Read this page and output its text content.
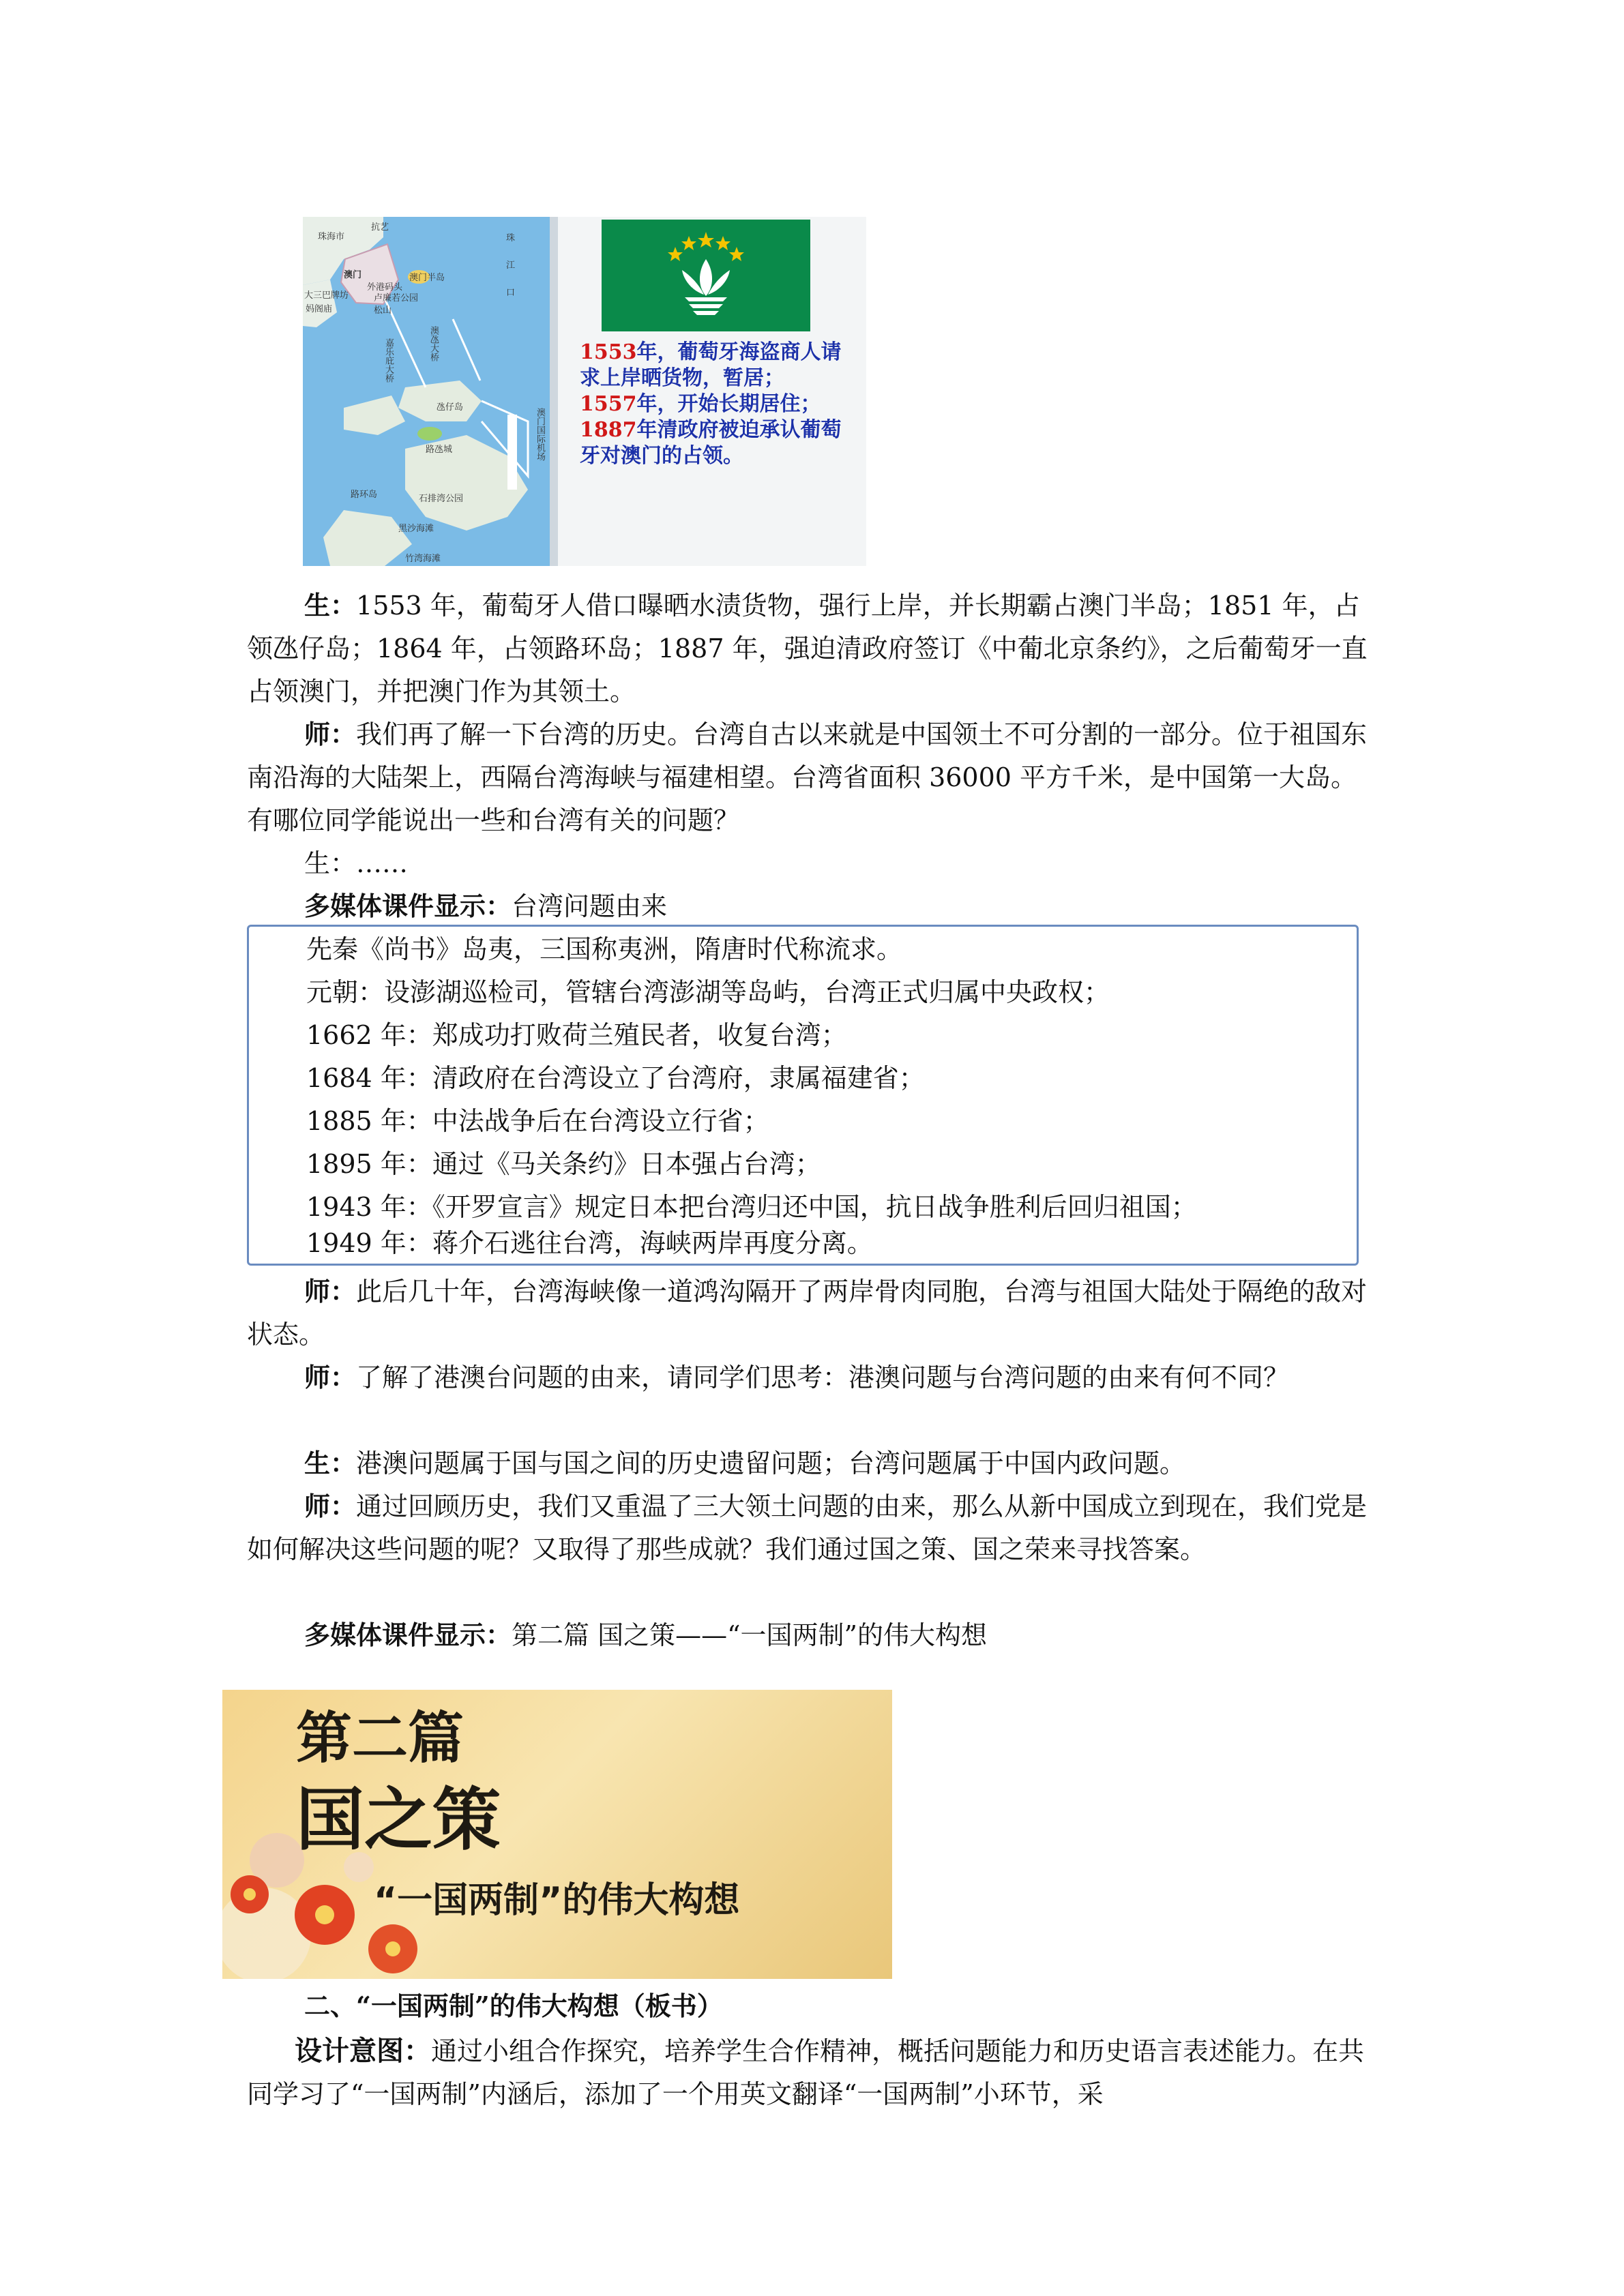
珠海市
抗艺
澳门	澳门半岛
珠
江
口
外港码头
大三巴牌坊	卢廉若公园
妈阁庙	松山
澳氹大桥
嘉乐庇大桥
氹仔岛
路氹城	澳门国际机场
路环岛	石排湾公园
黑沙海滩
竹湾海滩
1553年，葡萄牙海盗商人请求上岸晒货物，暂居；
1557年，开始长期居住；
1887年清政府被迫承认葡萄牙对澳门的占领。

生：1553 年，葡萄牙人借口曝晒水渍货物，强行上岸，并长期霸占澳门半岛；1851 年，占领氹仔岛；1864 年，占领路环岛；1887 年，强迫清政府签订《中葡北京条约》，之后葡萄牙一直占领澳门，并把澳门作为其领土。

师：我们再了解一下台湾的历史。台湾自古以来就是中国领土不可分割的一部分。位于祖国东南沿海的大陆架上，西隔台湾海峡与福建相望。台湾省面积 36000 平方千米，是中国第一大岛。有哪位同学能说出一些和台湾有关的问题？

生：……

多媒体课件显示：台湾问题由来

先秦《尚书》岛夷，三国称夷洲，隋唐时代称流求。
元朝：设澎湖巡检司，管辖台湾澎湖等岛屿，台湾正式归属中央政权；
1662 年：郑成功打败荷兰殖民者，收复台湾；
1684 年：清政府在台湾设立了台湾府，隶属福建省；
1885 年：中法战争后在台湾设立行省；
1895 年：通过《马关条约》日本强占台湾；
1943 年：《开罗宣言》规定日本把台湾归还中国，抗日战争胜利后回归祖国；
1949 年：蒋介石逃往台湾，海峡两岸再度分离。

师：此后几十年，台湾海峡像一道鸿沟隔开了两岸骨肉同胞，台湾与祖国大陆处于隔绝的敌对状态。

师：了解了港澳台问题的由来，请同学们思考：港澳问题与台湾问题的由来有何不同？

生：港澳问题属于国与国之间的历史遗留问题；台湾问题属于中国内政问题。

师：通过回顾历史，我们又重温了三大领土问题的由来，那么从新中国成立到现在，我们党是如何解决这些问题的呢？又取得了那些成就？我们通过国之策、国之荣来寻找答案。

多媒体课件显示：第二篇 国之策——“一国两制”的伟大构想

第二篇
国之策
“一国两制”的伟大构想

二、“一国两制”的伟大构想（板书）

设计意图：通过小组合作探究，培养学生合作精神，概括问题能力和历史语言表述能力。在共同学习了“一国两制”内涵后，添加了一个用英文翻译“一国两制”小环节，采
